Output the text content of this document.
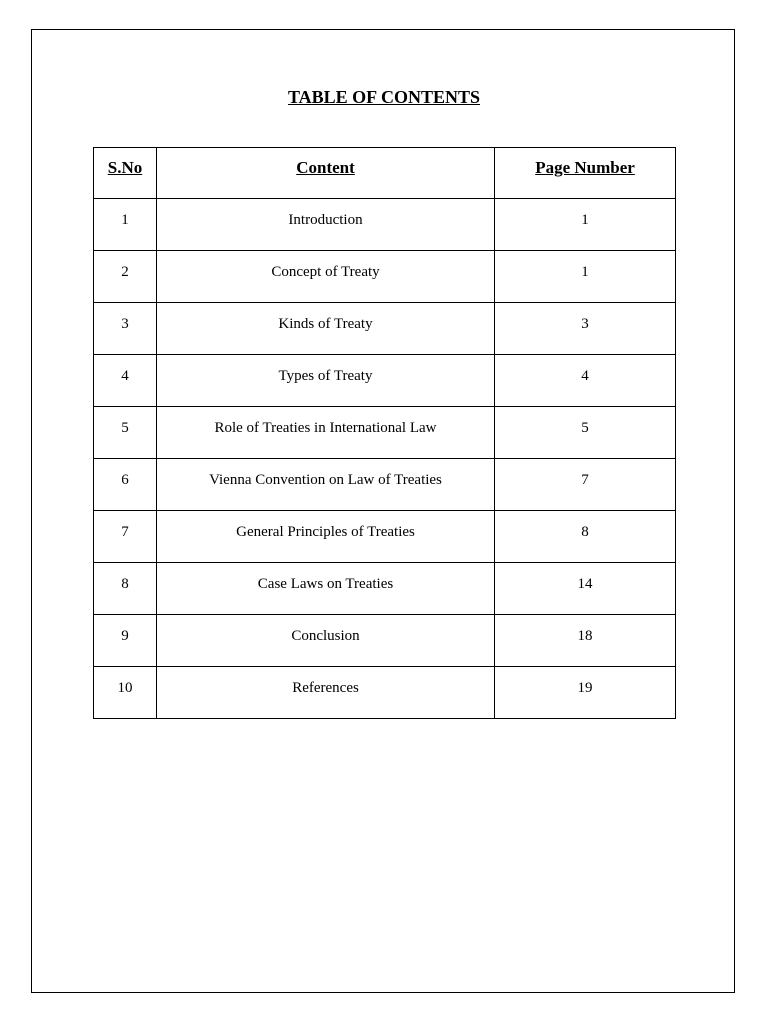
TABLE OF CONTENTS
S.No	Content	Page Number
1	Introduction	1
2	Concept of Treaty	1
3	Kinds of Treaty	3
4	Types of Treaty	4
5	Role of Treaties in International Law	5
6	Vienna Convention on Law of Treaties	7
7	General Principles of Treaties	8
8	Case Laws on Treaties	14
9	Conclusion	18
10	References	19
